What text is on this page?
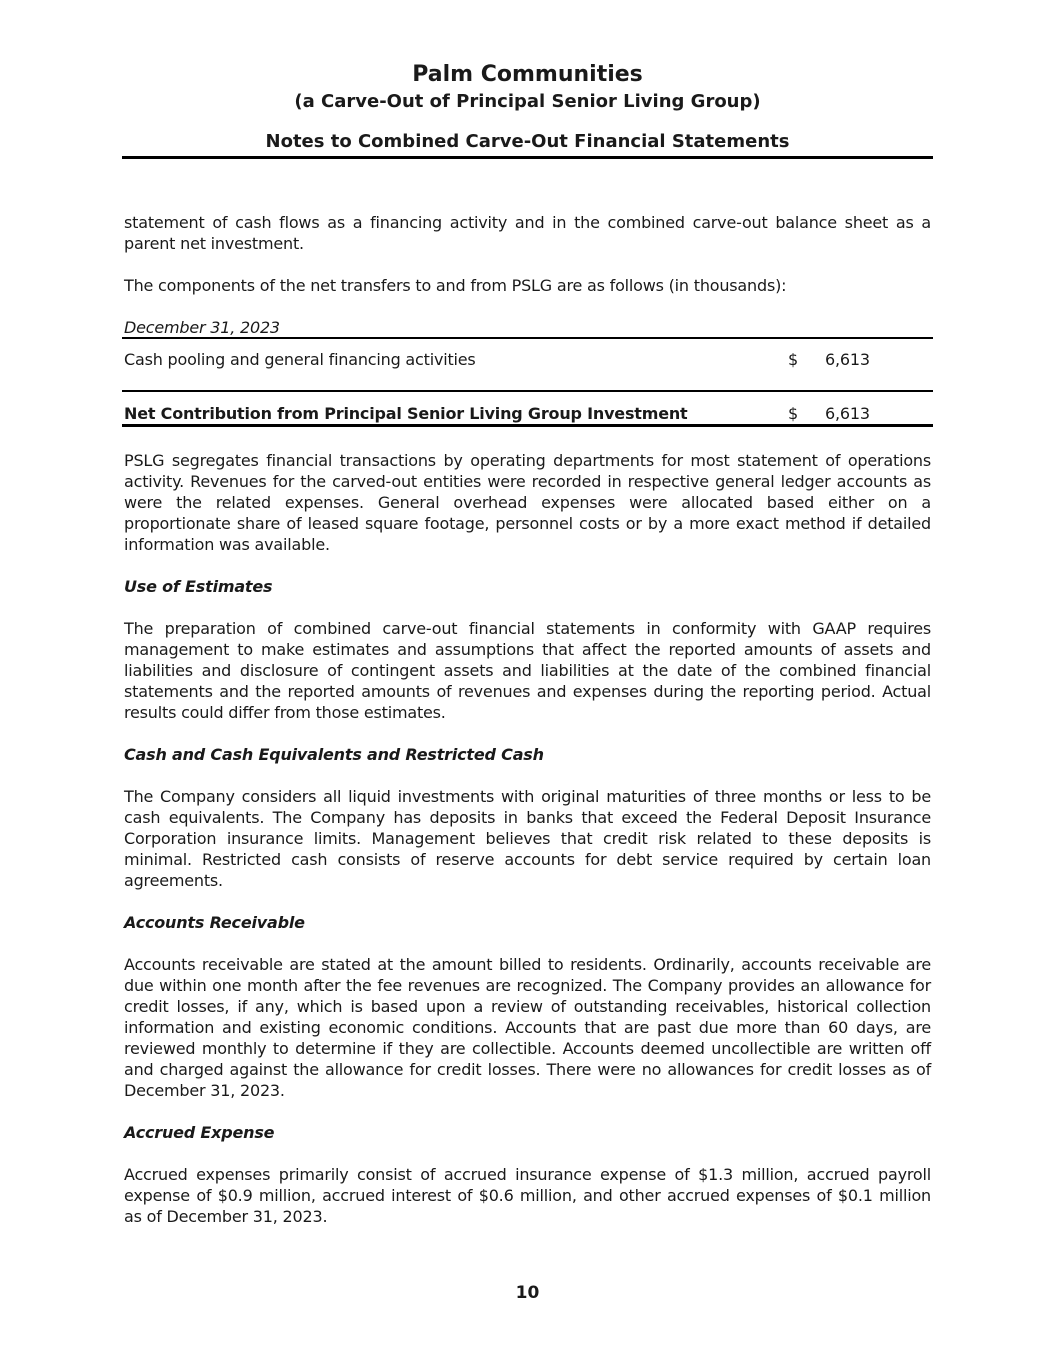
Palm Communities
(a Carve-Out of Principal Senior Living Group)
Notes to Combined Carve-Out Financial Statements
statement of cash flows as a financing activity and in the combined carve-out balance sheet as a parent net investment.
The components of the net transfers to and from PSLG are as follows (in thousands):
December 31, 2023
Cash pooling and general financing activities	$ 6,613
Net Contribution from Principal Senior Living Group Investment	$ 6,613
PSLG segregates financial transactions by operating departments for most statement of operations activity. Revenues for the carved-out entities were recorded in respective general ledger accounts as were the related expenses. General overhead expenses were allocated based either on a proportionate share of leased square footage, personnel costs or by a more exact method if detailed information was available.
Use of Estimates
The preparation of combined carve-out financial statements in conformity with GAAP requires management to make estimates and assumptions that affect the reported amounts of assets and liabilities and disclosure of contingent assets and liabilities at the date of the combined financial statements and the reported amounts of revenues and expenses during the reporting period. Actual results could differ from those estimates.
Cash and Cash Equivalents and Restricted Cash
The Company considers all liquid investments with original maturities of three months or less to be cash equivalents. The Company has deposits in banks that exceed the Federal Deposit Insurance Corporation insurance limits. Management believes that credit risk related to these deposits is minimal. Restricted cash consists of reserve accounts for debt service required by certain loan agreements.
Accounts Receivable
Accounts receivable are stated at the amount billed to residents. Ordinarily, accounts receivable are due within one month after the fee revenues are recognized. The Company provides an allowance for credit losses, if any, which is based upon a review of outstanding receivables, historical collection information and existing economic conditions. Accounts that are past due more than 60 days, are reviewed monthly to determine if they are collectible. Accounts deemed uncollectible are written off and charged against the allowance for credit losses. There were no allowances for credit losses as of December 31, 2023.
Accrued Expense
Accrued expenses primarily consist of accrued insurance expense of $1.3 million, accrued payroll expense of $0.9 million, accrued interest of $0.6 million, and other accrued expenses of $0.1 million as of December 31, 2023.
10
